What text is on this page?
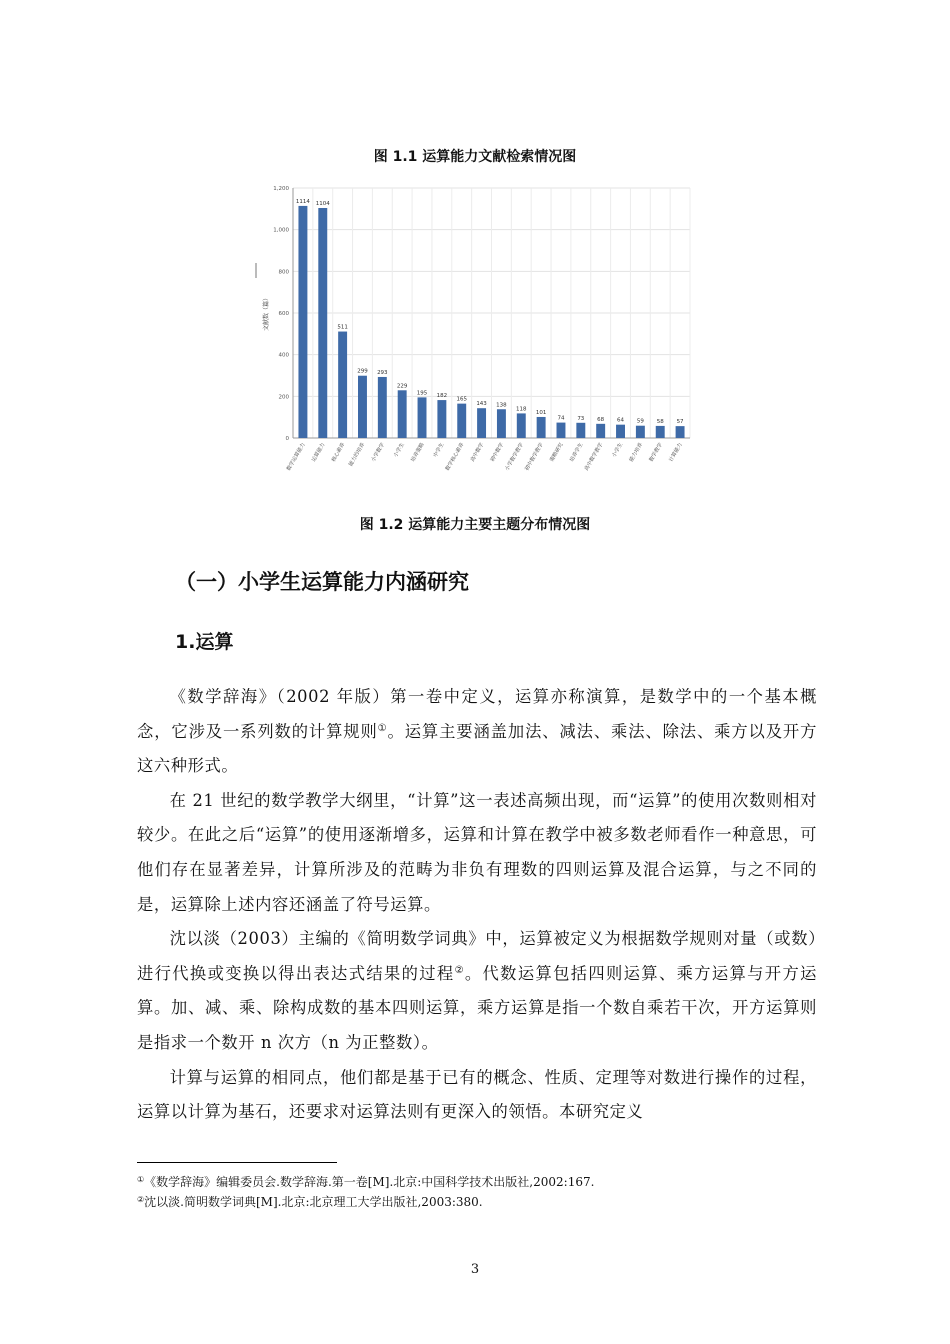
图 1.1 运算能力文献检索情况图
0
200
400
600
800
1,000
1,200
文献数（篇）
1114
数学运算能力
1104
运算能力
511
核心素养
299
能力的培养
293
小学数学
229
小学生
195
培养策略
182
中学生
165
数学核心素养
143
高中数学
138
初中数学
118
小学数学教学
101
初中数学教学
74
策略研究
73
培养学生
68
高中数学教学
64
小学生
59
能力培养
58
数学教学
57
计算能力
图 1.2 运算能力主要主题分布情况图
（一）小学生运算能力内涵研究
1.运算

《数学辞海》（2002 年版）第一卷中定义，运算亦称演算，是数学中的一个基本概念，它涉及一系列数的计算规则①。运算主要涵盖加法、减法、乘法、除法、乘方以及开方这六种形式。

在 21 世纪的数学教学大纲里，“计算”这一表述高频出现，而“运算”的使用次数则相对较少。在此之后“运算”的使用逐渐增多，运算和计算在教学中被多数老师看作一种意思，可他们存在显著差异，计算所涉及的范畴为非负有理数的四则运算及混合运算，与之不同的是，运算除上述内容还涵盖了符号运算。

沈以淡（2003）主编的《简明数学词典》中，运算被定义为根据数学规则对量（或数）进行代换或变换以得出表达式结果的过程②。代数运算包括四则运算、乘方运算与开方运算。加、减、乘、除构成数的基本四则运算，乘方运算是指一个数自乘若干次，开方运算则是指求一个数开 n 次方（n 为正整数）。

计算与运算的相同点，他们都是基于已有的概念、性质、定理等对数进行操作的过程，运算以计算为基石，还要求对运算法则有更深入的领悟。本研究定义

①《数学辞海》编辑委员会.数学辞海.第一卷[M].北京:中国科学技术出版社,2002:167.
②沈以淡.简明数学词典[M].北京:北京理工大学出版社,2003:380.
3
